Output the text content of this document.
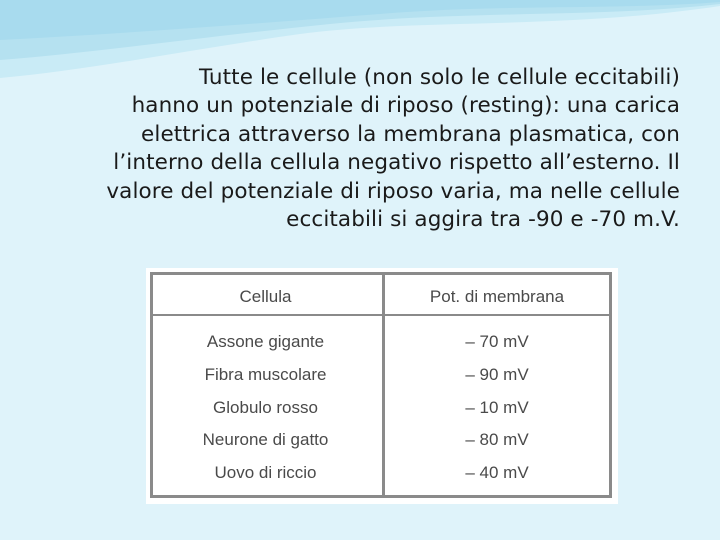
Tutte le cellule (non solo le cellule eccitabili)
hanno un potenziale di riposo (resting): una carica
elettrica attraverso la membrana plasmatica, con
l’interno della cellula negativo rispetto all’esterno. Il
valore del potenziale di riposo varia, ma nelle cellule
eccitabili si aggira tra -90 e -70 m.V.

Cellula	Pot. di membrana
Assone gigante	– 70 mV
Fibra muscolare	– 90 mV
Globulo rosso	– 10 mV
Neurone di gatto	– 80 mV
Uovo di riccio	– 40 mV
